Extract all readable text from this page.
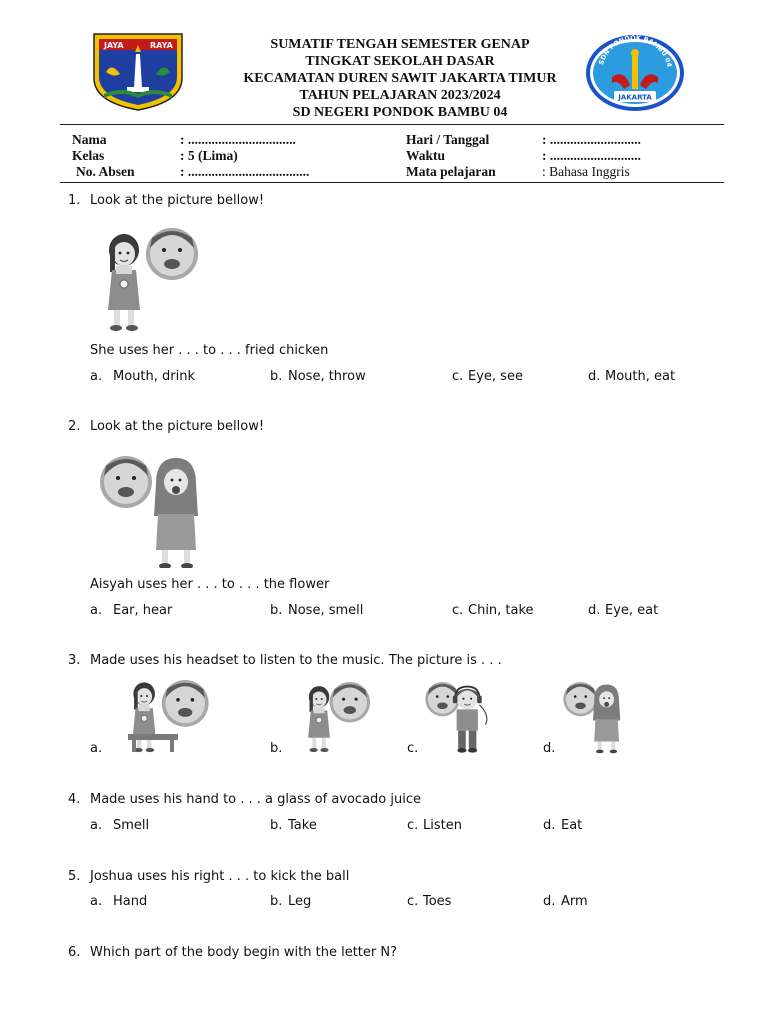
JAYA	RAYA	SUMATIF TENGAH SEMESTER GENAP
TINGKAT SEKOLAH DASAR
KECAMATAN DUREN SAWIT JAKARTA TIMUR
TAHUN PELAJARAN 2023/2024
SD NEGERI PONDOK BAMBU 04
SDN PONDOK BAMBU 04
JAKARTA
Nama	: ................................
Kelas	: 5 (Lima)
No. Absen	: ....................................
Hari / Tanggal	: ...........................
Waktu	: ...........................
Mata pelajaran	: Bahasa Inggris
1. Look at the picture bellow!
She uses her . . . to . . . fried chicken
a. Mouth, drink	b. Nose, throw	c. Eye, see	d. Mouth, eat
2. Look at the picture bellow!
Aisyah uses her . . . to . . . the flower
a. Ear, hear	b. Nose, smell	c. Chin, take	d. Eye, eat
3. Made uses his headset to listen to the music. The picture is . . .
a.	b.	c.	d.
4. Made uses his hand to . . . a glass of avocado juice
a. Smell	b. Take	c. Listen	d. Eat
5. Joshua uses his right . . . to kick the ball
a. Hand	b. Leg	c. Toes	d. Arm
6. Which part of the body begin with the letter N?
